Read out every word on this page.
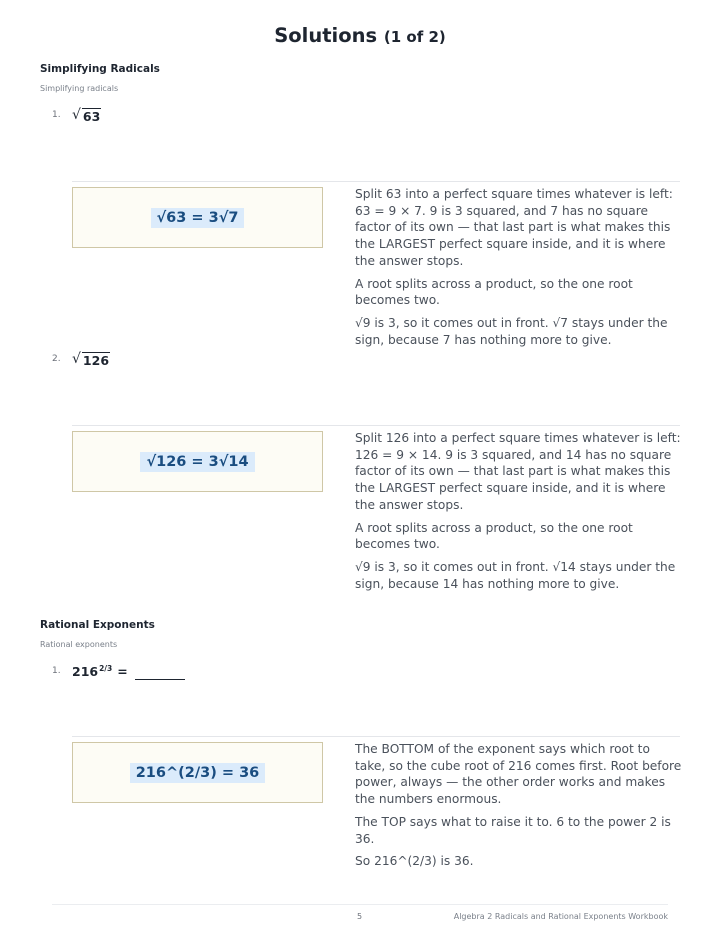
Solutions (1 of 2)
Simplifying Radicals
Simplifying radicals
1. √ 63
√63 = 3√7

Split 63 into a perfect square times whatever is left: 63 = 9 × 7. 9 is 3 squared, and 7 has no square factor of its own — that last part is what makes this the LARGEST perfect square inside, and it is where the answer stops.

A root splits across a product, so the one root becomes two.

√9 is 3, so it comes out in front. √7 stays under the sign, because 7 has nothing more to give.

2. √ 126
√126 = 3√14

Split 126 into a perfect square times whatever is left: 126 = 9 × 14. 9 is 3 squared, and 14 has no square factor of its own — that last part is what makes this the LARGEST perfect square inside, and it is where the answer stops.

A root splits across a product, so the one root becomes two.

√9 is 3, so it comes out in front. √14 stays under the sign, because 14 has nothing more to give.

Rational Exponents
Rational exponents
1. $216^{2/3}$ =
216^(2/3) = 36

The BOTTOM of the exponent says which root to take, so the cube root of 216 comes first. Root before power, always — the other order works and makes the numbers enormous.

The TOP says what to raise it to. 6 to the power 2 is 36.

So 216^(2/3) is 36.

5	Algebra 2 Radicals and Rational Exponents Workbook
